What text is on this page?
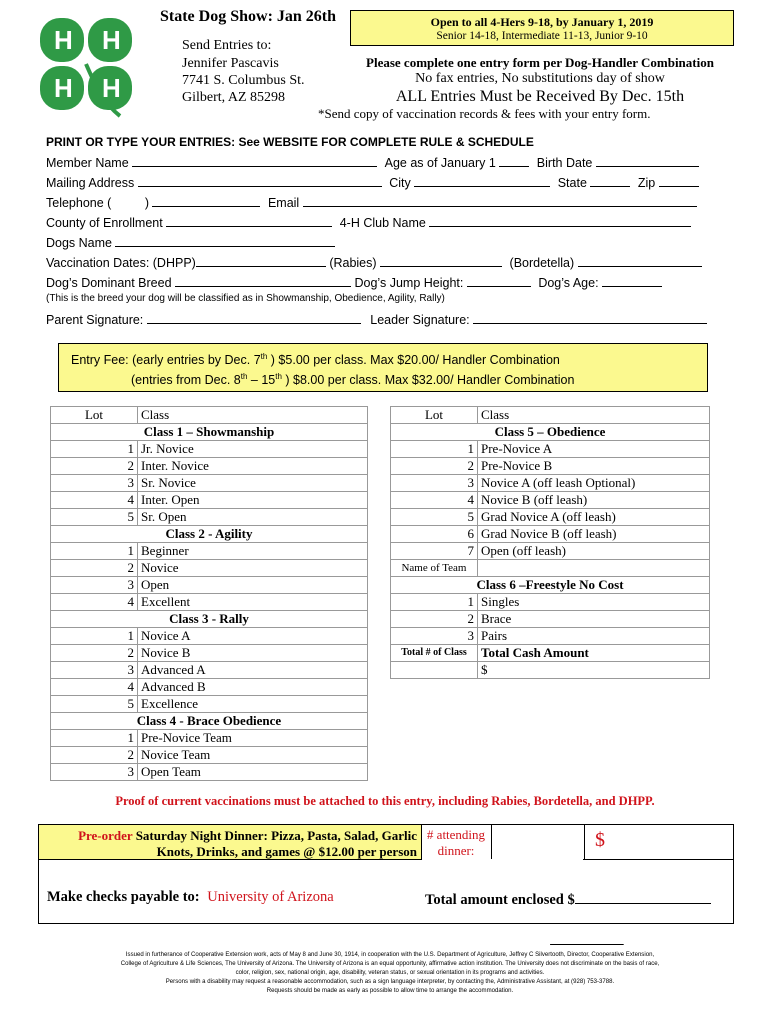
H H
H H
State Dog Show: Jan 26th
Send Entries to:
Jennifer Pascavis
7741 S. Columbus St.
Gilbert, AZ 85298
Open to all 4-Hers 9-18, by January 1, 2019
Senior 14-18, Intermediate 11-13, Junior 9-10
Please complete one entry form per Dog-Handler Combination
No fax entries, No substitutions day of show
ALL Entries Must be Received By Dec. 15th
*Send copy of vaccination records & fees with your entry form.
PRINT OR TYPE YOUR ENTRIES: See WEBSITE FOR COMPLETE RULE & SCHEDULE
Member Name	Age as of January 1	Birth Date
Mailing Address	City	State	Zip
Telephone (	)	Email
County of Enrollment	4-H Club Name
Dogs Name
Vaccination Dates: (DHPP)	(Rabies)	(Bordetella)
Dog’s Dominant Breed	Dog’s Jump Height:	Dog’s Age:
(This is the breed your dog will be classified as in Showmanship, Obedience, Agility, Rally)
Parent Signature:	Leader Signature:
Entry Fee: (early entries by Dec. 7th ) $5.00 per class. Max $20.00/ Handler Combination
(entries from Dec. 8th – 15th ) $8.00 per class. Max $32.00/ Handler Combination
Lot	Class
Class 1 – Showmanship	
1	Jr. Novice
2	Inter. Novice
3	Sr. Novice
4	Inter. Open
5	Sr. Open
Class 2 - Agility	
1	Beginner
2	Novice
3	Open
4	Excellent
Class 3 - Rally	
1	Novice A
2	Novice B
3	Advanced A
4	Advanced B
5	Excellence
Class 4 - Brace Obedience	
1	Pre-Novice Team
2	Novice Team
3	Open Team
Lot	Class
Class 5 – Obedience	
1	Pre-Novice A
2	Pre-Novice B
3	Novice A (off leash Optional)
4	Novice B (off leash)
5	Grad Novice A (off leash)
6	Grad Novice B (off leash)
7	Open (off leash)
Name of Team	
Class 6 –Freestyle No Cost	
1	Singles
2	Brace
3	Pairs
Total # of Class	Total Cash Amount
	$
Proof of current vaccinations must be attached to this entry, including Rabies, Bordetella, and DHPP.
Pre-order Saturday Night Dinner: Pizza, Pasta, Salad, Garlic
Knots, Drinks, and games @ $12.00 per person
# attending
dinner:	$
Make checks payable to: University of Arizona	Total amount enclosed $
Issued in furtherance of Cooperative Extension work, acts of May 8 and June 30, 1914, in cooperation with the U.S. Department of Agriculture, Jeffrey C Silvertooth, Director, Cooperative Extension,
College of Agriculture & Life Sciences, The University of Arizona. The University of Arizona is an equal opportunity, affirmative action institution. The University does not discriminate on the basis of race,
color, religion, sex, national origin, age, disability, veteran status, or sexual orientation in its programs and activities.
Persons with a disability may request a reasonable accommodation, such as a sign language interpreter, by contacting the, Administrative Assistant, at (928) 753-3788.
Requests should be made as early as possible to allow time to arrange the accommodation.
